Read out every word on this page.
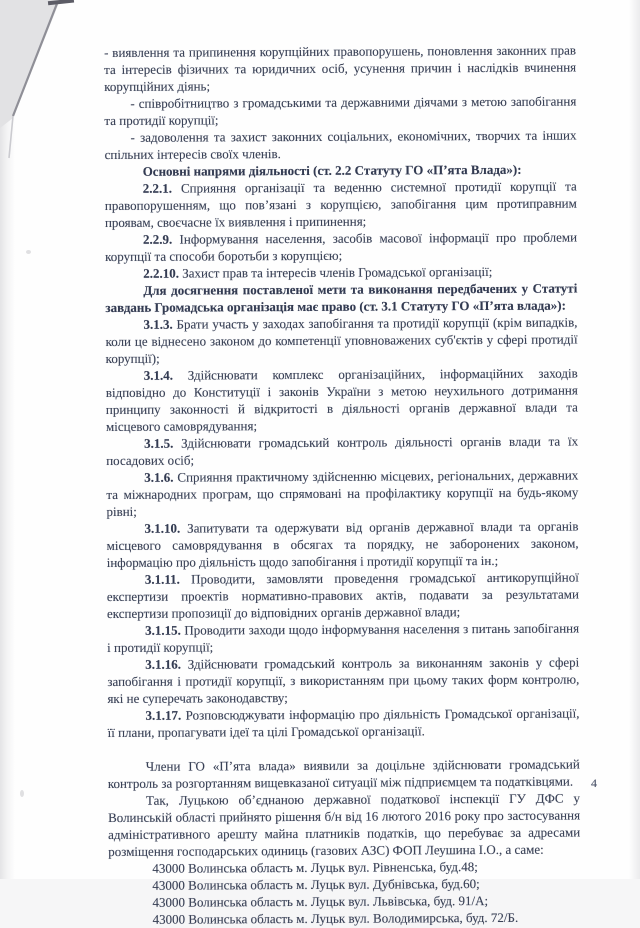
- виявлення та припинення корупційних правопорушень, поновлення законних прав та інтересів фізичних та юридичних осіб, усунення причин і наслідків вчинення корупційних діянь;

- співробітництво з громадськими та державними діячами з метою запобігання та протидії корупції;

- задоволення та захист законних соціальних, економічних, творчих та інших спільних інтересів своїх членів.

Основні напрями діяльності (ст. 2.2 Статуту ГО «П’ята Влада»):

2.2.1. Сприяння організації та веденню системної протидії корупції та правопорушенням, що пов’язані з корупцією, запобігання цим протиправним проявам, своєчасне їх виявлення і припинення;

2.2.9. Інформування населення, засобів масової інформації про проблеми корупції та способи боротьби з корупцією;

2.2.10. Захист прав та інтересів членів Громадської організації;

Для досягнення поставленої мети та виконання передбачених у Статуті завдань Громадська організація має право (ст. 3.1 Статуту ГО «П’ята влада»):

3.1.3. Брати участь у заходах запобігання та протидії корупції (крім випадків, коли це віднесено законом до компетенції уповноважених суб'єктів у сфері протидії корупції);

3.1.4. Здійснювати комплекс організаційних, інформаційних заходів відповідно до Конституції і законів України з метою неухильного дотримання принципу законності й відкритості в діяльності органів державної влади та місцевого самоврядування;

3.1.5. Здійснювати громадський контроль діяльності органів влади та їх посадових осіб;

3.1.6. Сприяння практичному здійсненню місцевих, регіональних, державних та міжнародних програм, що спрямовані на профілактику корупції на будь-якому рівні;

3.1.10. Запитувати та одержувати від органів державної влади та органів місцевого самоврядування в обсягах та порядку, не заборонених законом, інформацію про діяльність щодо запобігання і протидії корупції та ін.;

3.1.11. Проводити, замовляти проведення громадської антикорупційної експертизи проектів нормативно-правових актів, подавати за результатами експертизи пропозиції до відповідних органів державної влади;

3.1.15. Проводити заходи щодо інформування населення з питань запобігання і протидії корупції;

3.1.16. Здійснювати громадський контроль за виконанням законів у сфері запобігання і протидії корупції, з використанням при цьому таких форм контролю, які не суперечать законодавству;

3.1.17. Розповсюджувати інформацію про діяльність Громадської організації, її плани, пропагувати ідеї та цілі Громадської організації.

Члени ГО «П’ята влада» виявили за доцільне здійснювати громадський контроль за розгортанням вищевказаної ситуації між підприємцем та податківцями.

Так, Луцькою об’єднаною державної податкової інспекції ГУ ДФС у Волинській області прийнято рішення б/н від 16 лютого 2016 року про застосування адміністративного арешту майна платників податків, що перебуває за адресами розміщення господарських одиниць (газових АЗС) ФОП Леушина І.О., а саме:

43000 Волинська область м. Луцьк вул. Рівненська, буд.48;

43000 Волинська область м. Луцьк вул. Дубнівська, буд.60;

43000 Волинська область м. Луцьк вул. Львівська, буд. 91/А;

43000 Волинська область м. Луцьк вул. Володимирська, буд. 72/Б.

4
